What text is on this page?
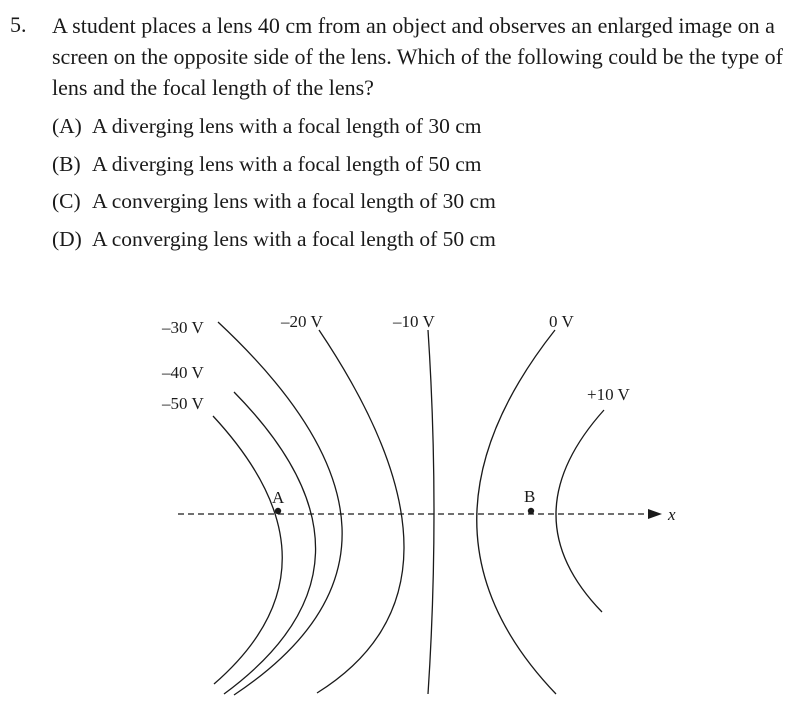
5. A student places a lens 40 cm from an object and observes an enlarged image on a screen on the opposite side of the lens. Which of the following could be the type of lens and the focal length of the lens?
(A) A diverging lens with a focal length of 30 cm
(B) A diverging lens with a focal length of 50 cm
(C) A converging lens with a focal length of 30 cm
(D) A converging lens with a focal length of 50 cm
x
–30 V
–40 V
–50 V
–20 V	–10 V	0 V
+10 V
A	B
